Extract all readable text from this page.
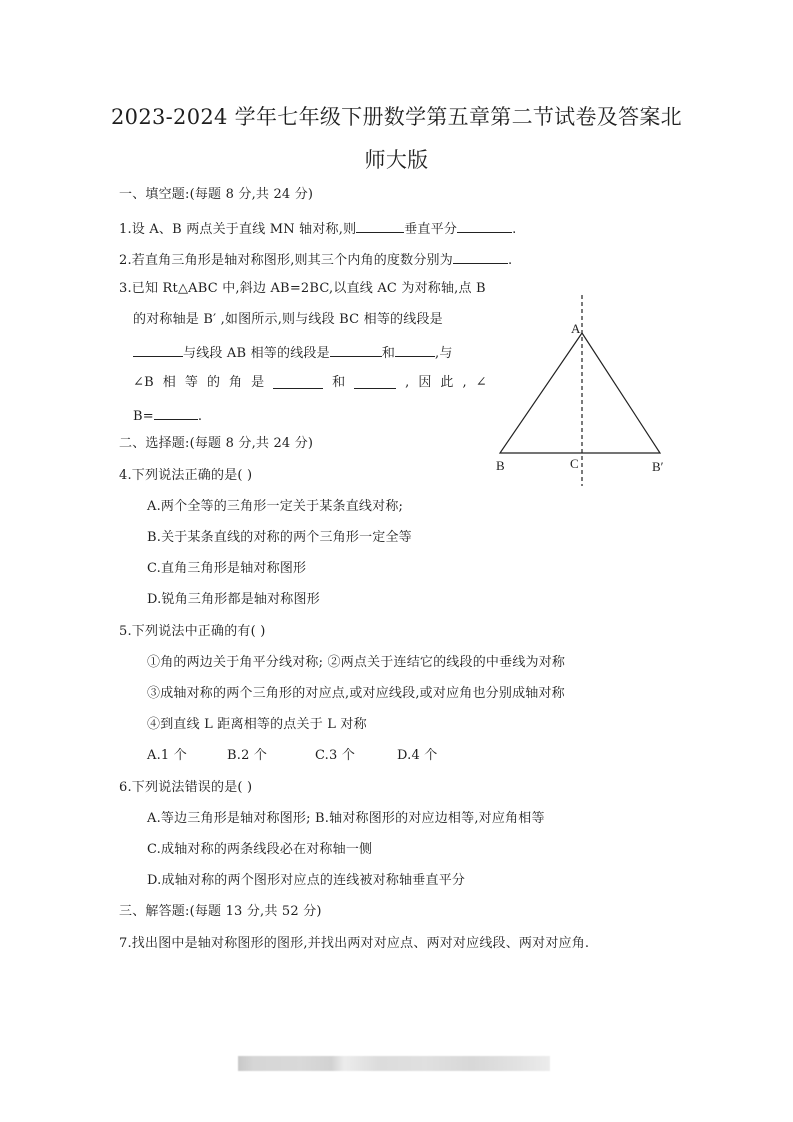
2023-2024 学年七年级下册数学第五章第二节试卷及答案北
师大版
一、填空题:(每题 8 分,共 24 分)
1.设 A、B 两点关于直线 MN 轴对称,则	垂直平分	.
2.若直角三角形是轴对称图形,则其三个内角的度数分别为	.
3.已知 Rt△ABC 中,斜边 AB=2BC,以直线 AC 为对称轴,点 B
的对称轴是 B′ ,如图所示,则与线段 BC 相等的线段是
与线段 AB 相等的线段是	和	,与
∠B 相 等 的 角 是	和	, 因 此 , ∠
B=	.
A
B	C	B′
二、选择题:(每题 8 分,共 24 分)
4.下列说法正确的是( )
A.两个全等的三角形一定关于某条直线对称;
B.关于某条直线的对称的两个三角形一定全等
C.直角三角形是轴对称图形
D.锐角三角形都是轴对称图形
5.下列说法中正确的有( )
①角的两边关于角平分线对称; ②两点关于连结它的线段的中垂线为对称
③成轴对称的两个三角形的对应点,或对应线段,或对应角也分别成轴对称
④到直线 L 距离相等的点关于 L 对称
A.1 个	B.2 个	C.3 个	D.4 个
6.下列说法错误的是( )
A.等边三角形是轴对称图形; B.轴对称图形的对应边相等,对应角相等
C.成轴对称的两条线段必在对称轴一侧
D.成轴对称的两个图形对应点的连线被对称轴垂直平分
三、解答题:(每题 13 分,共 52 分)
7.找出图中是轴对称图形的图形,并找出两对对应点、两对对应线段、两对对应角.
